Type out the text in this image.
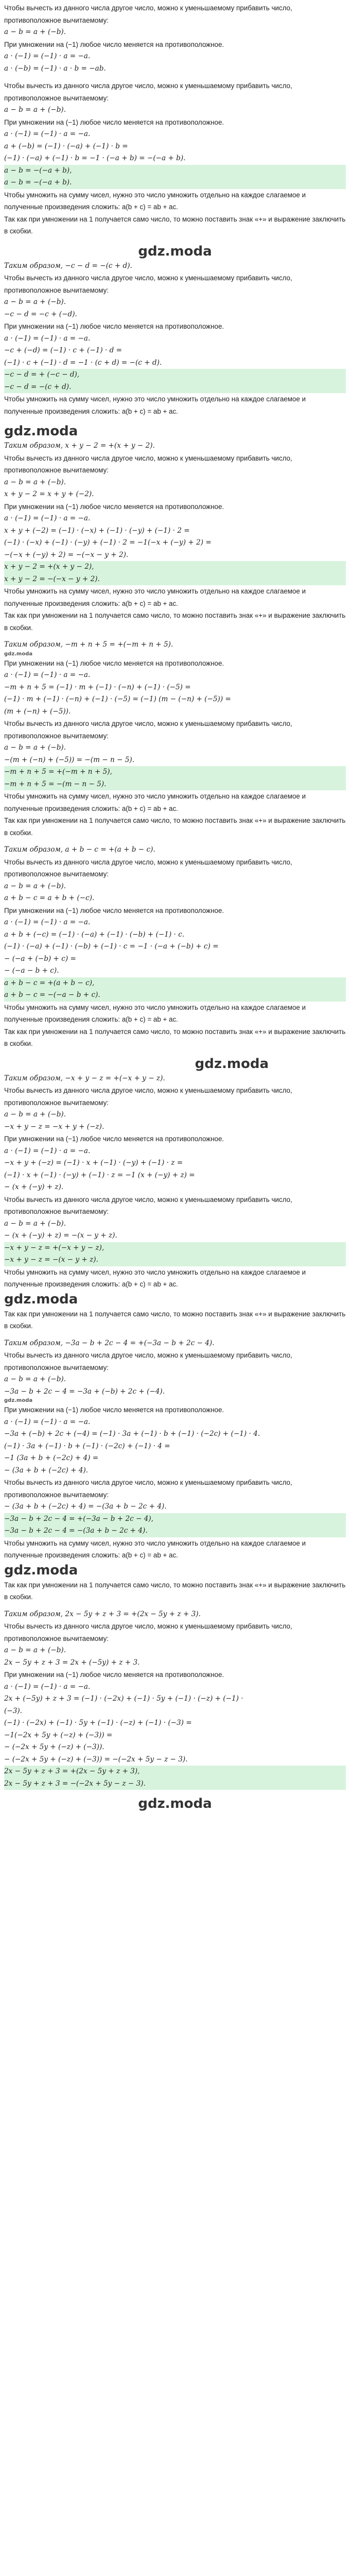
Чтобы вычесть из данного числа другое число, можно к уменьшаемому прибавить число, противоположное вычитаемому:

a − b = a + (−b).

При умножении на (−1) любое число меняется на противоположное.

a · (−1) = (−1) · a = −a.

a · (−b) = (−1) · a · b = −ab.

Чтобы вычесть из данного числа другое число, можно к уменьшаемому прибавить число, противоположное вычитаемому:

a − b = a + (−b).

При умножении на (−1) любое число меняется на противоположное.

a · (−1) = (−1) · a = −a.

a + (−b) = (−1) · (−a) + (−1) · b =

(−1) · (−a) + (−1) · b = −1 · (−a + b) = −(−a + b).

a − b = −(−a + b),

a − b = −(−a + b).

Чтобы умножить на сумму чисел, нужно это число умножить отдельно на каждое слагаемое и полученные произведения сложить: a(b + c) = ab + ac.

Так как при умножении на 1 получается само число, то можно поставить знак «+» и выражение заключить в скобки.

gdz.moda

Таким образом, −c − d = −(c + d).

Чтобы вычесть из данного числа другое число, можно к уменьшаемому прибавить число, противоположное вычитаемому:

a − b = a + (−b).

−c − d = −c + (−d).

При умножении на (−1) любое число меняется на противоположное.

a · (−1) = (−1) · a = −a.

−c + (−d) = (−1) · c + (−1) · d =

(−1) · c + (−1) · d = −1 · (c + d) = −(c + d).

−c − d = + (−c − d),

−c − d = −(c + d).

Чтобы умножить на сумму чисел, нужно это число умножить отдельно на каждое слагаемое и полученные произведения сложить: a(b + c) = ab + ac.

gdz.moda

Таким образом, x + y − 2 = +(x + y − 2).

Чтобы вычесть из данного числа другое число, можно к уменьшаемому прибавить число, противоположное вычитаемому:

a − b = a + (−b).

x + y − 2 = x + y + (−2).

При умножении на (−1) любое число меняется на противоположное.

a · (−1) = (−1) · a = −a.

x + y + (−2) = (−1) · (−x) + (−1) · (−y) + (−1) · 2 =

(−1) · (−x) + (−1) · (−y) + (−1) · 2 = −1(−x + (−y) + 2) =

−(−x + (−y) + 2) = −(−x − y + 2).

x + y − 2 = +(x + y − 2),

x + y − 2 = −(−x − y + 2).

Чтобы умножить на сумму чисел, нужно это число умножить отдельно на каждое слагаемое и полученные произведения сложить: a(b + c) = ab + ac.

Так как при умножении на 1 получается само число, то можно поставить знак «+» и выражение заключить в скобки.

Таким образом, −m + n + 5 = +(−m + n + 5).

gdz.moda

При умножении на (−1) любое число меняется на противоположное.

a · (−1) = (−1) · a = −a.

−m + n + 5 = (−1) · m + (−1) · (−n) + (−1) · (−5) =

(−1) · m + (−1) · (−n) + (−1) · (−5) = (−1) (m − (−n) + (−5)) =

(m + (−n) + (−5)).

Чтобы вычесть из данного числа другое число, можно к уменьшаемому прибавить число, противоположное вычитаемому:

a − b = a + (−b).

−(m + (−n) + (−5)) = −(m − n − 5).

−m + n + 5 = +(−m + n + 5),

−m + n + 5 = −(m − n − 5).

Чтобы умножить на сумму чисел, нужно это число умножить отдельно на каждое слагаемое и полученные произведения сложить: a(b + c) = ab + ac.

Так как при умножении на 1 получается само число, то можно поставить знак «+» и выражение заключить в скобки.

Таким образом, a + b − c = +(a + b − c).

Чтобы вычесть из данного числа другое число, можно к уменьшаемому прибавить число, противоположное вычитаемому:

a − b = a + (−b).

a + b − c = a + b + (−c).

При умножении на (−1) любое число меняется на противоположное.

a · (−1) = (−1) · a = −a.

a + b + (−c) = (−1) · (−a) + (−1) · (−b) + (−1) · c.

(−1) · (−a) + (−1) · (−b) + (−1) · c = −1 · (−a + (−b) + c) =

− (−a + (−b) + c) =

− (−a − b + c).

a + b − c = +(a + b − c),

a + b − c = −(−a − b + c).

Чтобы умножить на сумму чисел, нужно это число умножить отдельно на каждое слагаемое и полученные произведения сложить: a(b + c) = ab + ac.

Так как при умножении на 1 получается само число, то можно поставить знак «+» и выражение заключить в скобки.

gdz.moda

Таким образом, −x + y − z = +(−x + y − z).

Чтобы вычесть из данного числа другое число, можно к уменьшаемому прибавить число, противоположное вычитаемому:

a − b = a + (−b).

−x + y − z = −x + y + (−z).

При умножении на (−1) любое число меняется на противоположное.

a · (−1) = (−1) · a = −a.

−x + y + (−z) = (−1) · x + (−1) · (−y) + (−1) · z =

(−1) · x + (−1) · (−y) + (−1) · z = −1 (x + (−y) + z) =

− (x + (−y) + z).

Чтобы вычесть из данного числа другое число, можно к уменьшаемому прибавить число, противоположное вычитаемому:

a − b = a + (−b).

− (x + (−y) + z) = −(x − y + z).

−x + y − z = +(−x + y − z),

−x + y − z = −(x − y + z).

Чтобы умножить на сумму чисел, нужно это число умножить отдельно на каждое слагаемое и полученные произведения сложить: a(b + c) = ab + ac.

gdz.moda

Так как при умножении на 1 получается само число, то можно поставить знак «+» и выражение заключить в скобки.

Таким образом, −3a − b + 2c − 4 = +(−3a − b + 2c − 4).

Чтобы вычесть из данного числа другое число, можно к уменьшаемому прибавить число, противоположное вычитаемому:

a − b = a + (−b).

−3a − b + 2c − 4 = −3a + (−b) + 2c + (−4).

gdz.moda

При умножении на (−1) любое число меняется на противоположное.

a · (−1) = (−1) · a = −a.

−3a + (−b) + 2c + (−4) = (−1) · 3a + (−1) · b + (−1) · (−2c) + (−1) · 4.

(−1) · 3a + (−1) · b + (−1) · (−2c) + (−1) · 4 =

−1 (3a + b + (−2c) + 4) =

− (3a + b + (−2c) + 4).

Чтобы вычесть из данного числа другое число, можно к уменьшаемому прибавить число, противоположное вычитаемому:

− (3a + b + (−2c) + 4) = −(3a + b − 2c + 4).

−3a − b + 2c − 4 = +(−3a − b + 2c − 4),

−3a − b + 2c − 4 = −(3a + b − 2c + 4).

Чтобы умножить на сумму чисел, нужно это число умножить отдельно на каждое слагаемое и полученные произведения сложить: a(b + c) = ab + ac.

gdz.moda

Так как при умножении на 1 получается само число, то можно поставить знак «+» и выражение заключить в скобки.

Таким образом, 2x − 5y + z + 3 = +(2x − 5y + z + 3).

Чтобы вычесть из данного числа другое число, можно к уменьшаемому прибавить число, противоположное вычитаемому:

a − b = a + (−b).

2x − 5y + z + 3 = 2x + (−5y) + z + 3.

При умножении на (−1) любое число меняется на противоположное.

a · (−1) = (−1) · a = −a.

2x + (−5y) + z + 3 = (−1) · (−2x) + (−1) · 5y + (−1) · (−z) + (−1) ·

(−3).

(−1) · (−2x) + (−1) · 5y + (−1) · (−z) + (−1) · (−3) =

−1(−2x + 5y + (−z) + (−3)) =

− (−2x + 5y + (−z) + (−3)).

− (−2x + 5y + (−z) + (−3)) = −(−2x + 5y − z − 3).

2x − 5y + z + 3 = +(2x − 5y + z + 3),

2x − 5y + z + 3 = −(−2x + 5y − z − 3).

gdz.moda
